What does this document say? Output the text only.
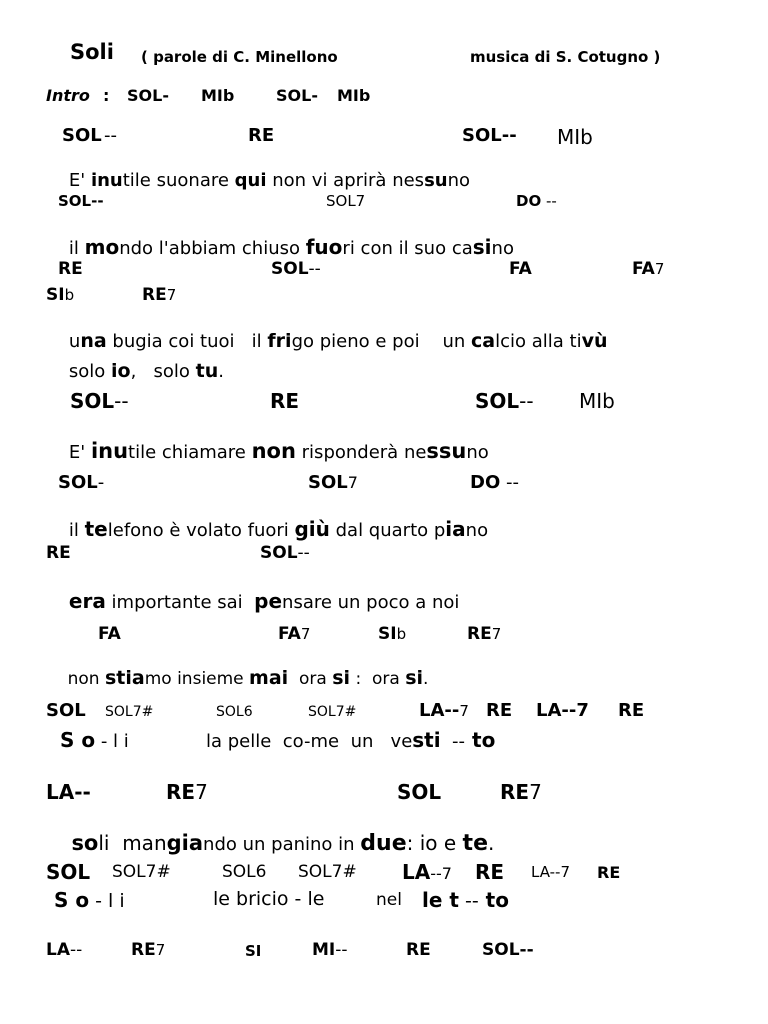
Soli ( parole di C. Minellono	musica di S. Cotugno )
Intro : SOL- MIb	SOL- MIb
SOL --	RE	SOL-- MIb

E' inutile suonare qui non vi aprirà nessuno

SOL--	SOL7	DO --

il mondo l'abbiam chiuso fuori con il suo casino

RE	SOL--	FA	FA7
SIb	RE7

una bugia coi tuoi   il frigo pieno e poi    un calcio alla tivù

solo io,   solo tu.

SOL--	RE	SOL-- MIb

E' inutile chiamare non risponderà nessuno

SOL-	SOL7	DO --

il telefono è volato fuori giù dal quarto piano

RE	SOL--

era importante sai  pensare un poco a noi

FA	FA7	SIb	RE7

non stiamo insieme mai  ora si :  ora si.

SOL SOL7#	SOL6	SOL7#	LA--7 RE LA--7 RE
S o - l i	la pelle  co-me  un   vesti  -- to
LA--	RE7	SOL	RE7

soli  mangiando un panino in due: io e te.

SOL SOL7#	SOL6 SOL7# LA--7 RE LA--7 RE
S o - l i	le bricio - le	nel le t -- to
LA--	RE7	SI	MI--	RE	SOL--
